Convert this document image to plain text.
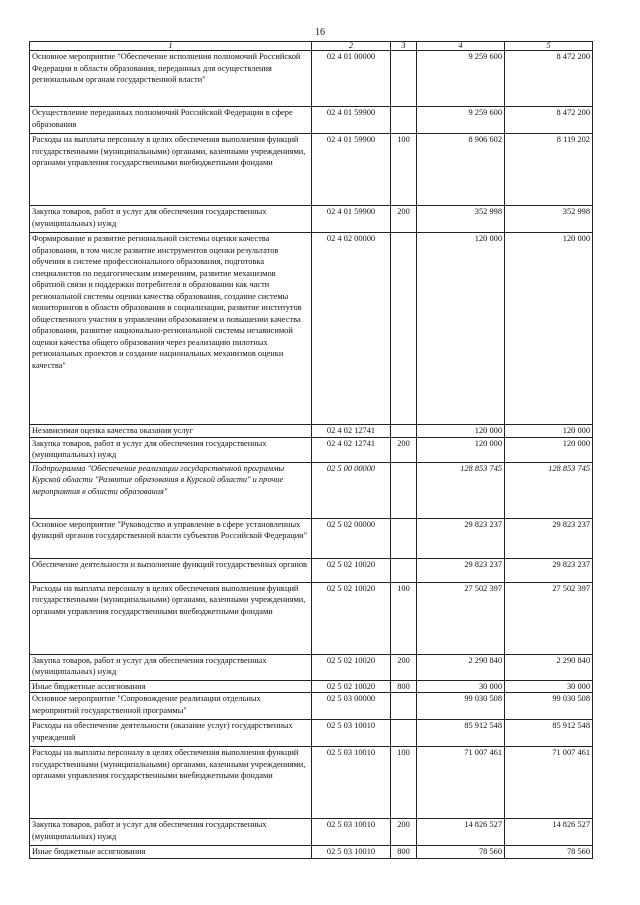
16
1	2	3	4	5
Основное мероприятие "Обеспечение исполнения полномочий Российской Федерации в области образования, переданных для осуществления региональным органам государственной власти"	02 4 01 00000		9 259 600	8 472 200
Осуществление переданных полномочий Российской Федерации в сфере образования	02 4 01 59900		9 259 600	8 472 200
Расходы на выплаты персоналу в целях обеспечения выполнения функций государственными (муниципальными) органами, казенными учреждениями, органами управления государственными внебюджетными фондами	02 4 01 59900	100	8 906 602	8 119 202
Закупка товаров, работ и услуг для обеспечения государственных (муниципальных) нужд	02 4 01 59900	200	352 998	352 998
Формирование и развитие региональной системы оценки качества образования, в том числе развитие инструментов оценки результатов обучения в системе профессионального образования, подготовка специалистов по педагогическим измерениям, развитие механизмов обратной связи и поддержки потребителя в образовании как части региональной системы оценки качества образования, создание системы мониторингов в области образования и социализации, развитие институтов общественного участия в управлении образованием и повышении качества образования, развитие национально-региональной системы независимой оценки качества общего образования через реализацию пилотных региональных проектов и создание национальных механизмов оценки качества"	02 4 02 00000		120 000	120 000
Независимая оценка качества оказания услуг	02 4 02 12741		120 000	120 000
Закупка товаров, работ и услуг для обеспечения государственных (муниципальных) нужд	02 4 02 12741	200	120 000	120 000
Подпрограмма "Обеспечение реализации государственной программы Курской области "Развитие образования в Курской области" и прочие мероприятия в области образования"	02 5 00 00000		128 853 745	128 853 745
Основное мероприятие "Руководство и управление в сфере установленных функций органов государственной власти субъектов Российской Федерации"	02 5 02 00000		29 823 237	29 823 237
Обеспечение деятельности и выполнение функций государственных органов	02 5 02 10020		29 823 237	29 823 237
Расходы на выплаты персоналу в целях обеспечения выполнения функций государственными (муниципальными) органами, казенными учреждениями, органами управления государственными внебюджетными фондами	02 5 02 10020	100	27 502 397	27 502 397
Закупка товаров, работ и услуг для обеспечения государственных (муниципальных) нужд	02 5 02 10020	200	2 290 840	2 290 840
Иные бюджетные ассигнования	02 5 02 10020	800	30 000	30 000
Основное мероприятие "Сопровождение реализации отдельных мероприятий государственной программы"	02 5 03 00000		99 030 508	99 030 508
Расходы на обеспечение деятельности (оказание услуг) государственных учреждений	02 5 03 10010		85 912 548	85 912 548
Расходы на выплаты персоналу в целях обеспечения выполнения функций государственными (муниципальными) органами, казенными учреждениями, органами управления государственными внебюджетными фондами	02 5 03 10010	100	71 007 461	71 007 461
Закупка товаров, работ и услуг для обеспечения государственных (муниципальных) нужд	02 5 03 10010	200	14 826 527	14 826 527
Иные бюджетные ассигнования	02 5 03 10010	800	78 560	78 560
